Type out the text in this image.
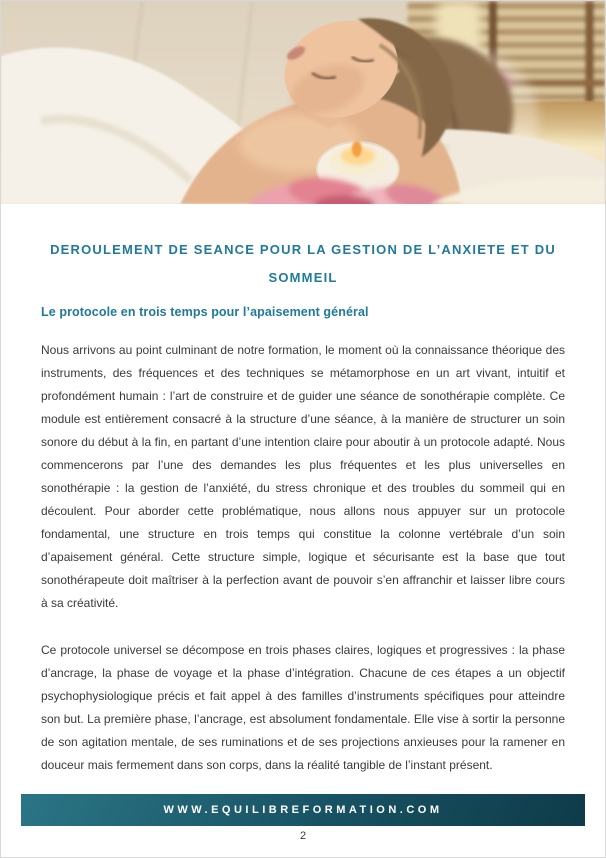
DEROULEMENT DE SEANCE POUR LA GESTION DE L’ANXIETE ET DU SOMMEIL
Le protocole en trois temps pour l’apaisement général

Nous arrivons au point culminant de notre formation, le moment où la connaissance théorique des instruments, des fréquences et des techniques se métamorphose en un art vivant, intuitif et profondément humain : l’art de construire et de guider une séance de sonothérapie complète. Ce module est entièrement consacré à la structure d’une séance, à la manière de structurer un soin sonore du début à la fin, en partant d’une intention claire pour aboutir à un protocole adapté. Nous commencerons par l’une des demandes les plus fréquentes et les plus universelles en sonothérapie : la gestion de l’anxiété, du stress chronique et des troubles du sommeil qui en découlent. Pour aborder cette problématique, nous allons nous appuyer sur un protocole fondamental, une structure en trois temps qui constitue la colonne vertébrale d’un soin d’apaisement général. Cette structure simple, logique et sécurisante est la base que tout sonothérapeute doit maîtriser à la perfection avant de pouvoir s’en affranchir et laisser libre cours à sa créativité.

Ce protocole universel se décompose en trois phases claires, logiques et progressives : la phase d’ancrage, la phase de voyage et la phase d’intégration. Chacune de ces étapes a un objectif psychophysiologique précis et fait appel à des familles d’instruments spécifiques pour atteindre son but. La première phase, l’ancrage, est absolument fondamentale. Elle vise à sortir la personne de son agitation mentale, de ses ruminations et de ses projections anxieuses pour la ramener en douceur mais fermement dans son corps, dans la réalité tangible de l’instant présent.

WWW.EQUILIBREFORMATION.COM
2
